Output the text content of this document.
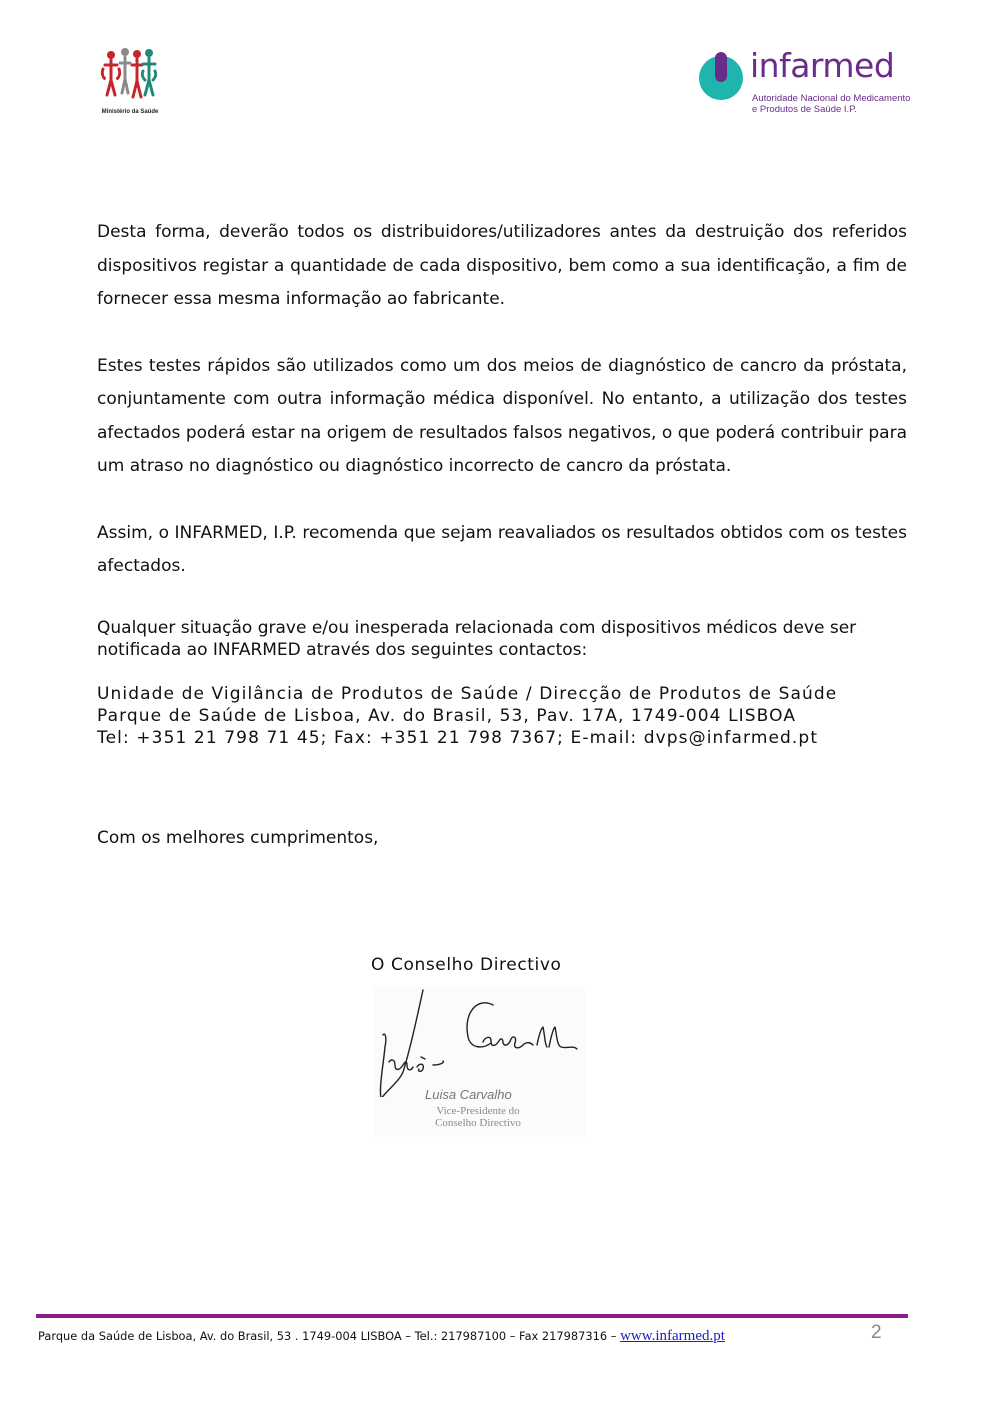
Ministério da Saúde
infarmed
Autoridade Nacional do Medicamento
e Produtos de Saúde I.P.

Desta forma, deverão todos os distribuidores/utilizadores antes da destruição dos referidos dispositivos registar a quantidade de cada dispositivo, bem como a sua identificação, a fim de fornecer essa mesma informação ao fabricante.

Estes testes rápidos são utilizados como um dos meios de diagnóstico de cancro da próstata, conjuntamente com outra informação médica disponível. No entanto, a utilização dos testes afectados poderá estar na origem de resultados falsos negativos, o que poderá contribuir para um atraso no diagnóstico ou diagnóstico incorrecto de cancro da próstata.

Assim, o INFARMED, I.P. recomenda que sejam reavaliados os resultados obtidos com os testes afectados.

Qualquer situação grave e/ou inesperada relacionada com dispositivos médicos deve ser notificada ao INFARMED através dos seguintes contactos:

Unidade de Vigilância de Produtos de Saúde / Direcção de Produtos de Saúde
Parque de Saúde de Lisboa, Av. do Brasil, 53, Pav. 17A, 1749-004 LISBOA
Tel: +351 21 798 71 45; Fax: +351 21 798 7367; E-mail: dvps@infarmed.pt
Com os melhores cumprimentos,
O Conselho Directivo
Luisa Carvalho
Vice-Presidente do
Conselho Directivo
Parque da Saúde de Lisboa, Av. do Brasil, 53 . 1749-004 LISBOA – Tel.: 217987100 – Fax 217987316 – www.infarmed.pt	2
